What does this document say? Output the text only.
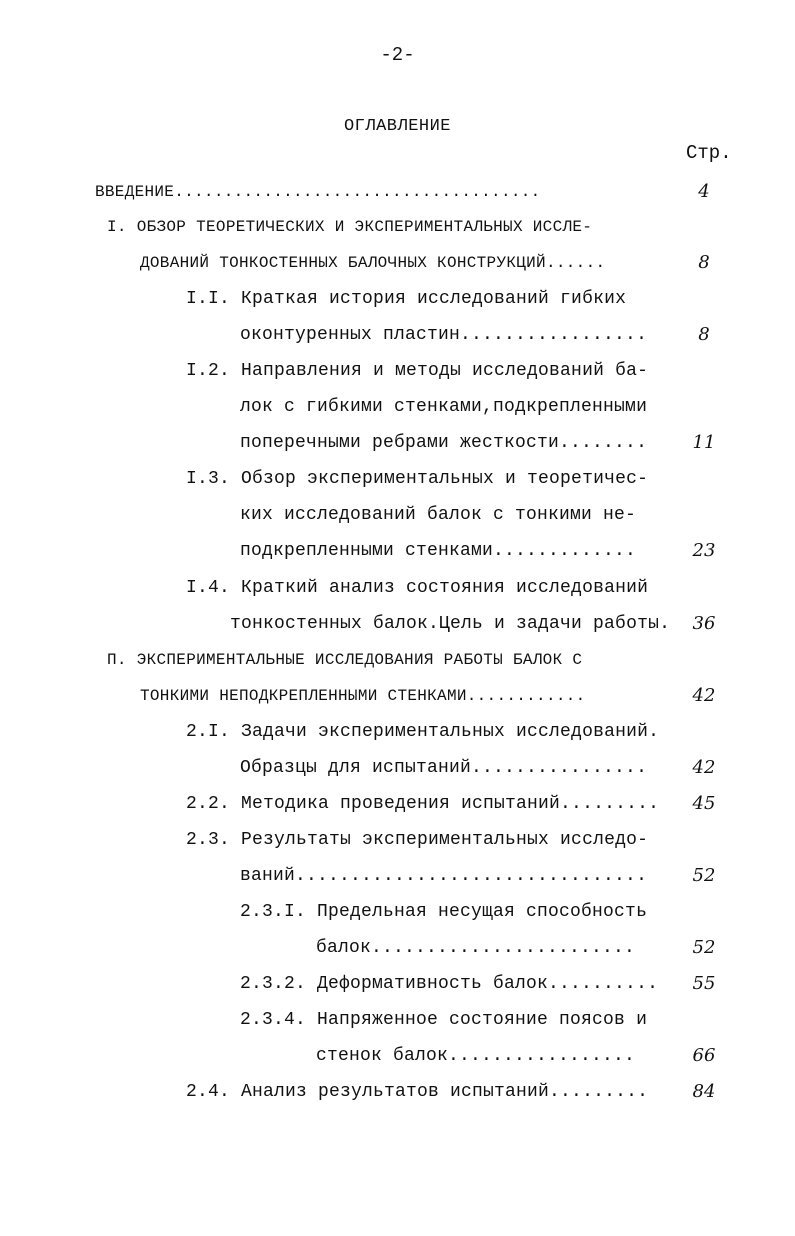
-2-
ОГЛАВЛЕНИЕ
Стр.
ВВЕДЕНИЕ.....................................	4
I. ОБЗОР ТЕОРЕТИЧЕСКИХ И ЭКСПЕРИМЕНТАЛЬНЫХ ИССЛЕ-
ДОВАНИЙ ТОНКОСТЕННЫХ БАЛОЧНЫХ КОНСТРУКЦИЙ......	8
I.I. Краткая история исследований гибких
оконтуренных пластин.................	8
I.2. Направления и методы исследований ба-
лок с гибкими стенками,подкрепленными
поперечными ребрами жесткости........	11
I.3. Обзор экспериментальных и теоретичес-
ких исследований балок с тонкими не-
подкрепленными стенками.............	23
I.4. Краткий анализ состояния исследований
тонкостенных балок.Цель и задачи работы.	36
П. ЭКСПЕРИМЕНТАЛЬНЫЕ ИССЛЕДОВАНИЯ РАБОТЫ БАЛОК С
ТОНКИМИ НЕПОДКРЕПЛЕННЫМИ СТЕНКАМИ............	42
2.I. Задачи экспериментальных исследований.
Образцы для испытаний................	42
2.2. Методика проведения испытаний.........	45
2.3. Результаты экспериментальных исследо-
ваний................................	52
2.3.I. Предельная несущая способность
балок........................	52
2.3.2. Деформативность балок..........	55
2.3.4. Напряженное состояние поясов и
стенок балок.................	66
2.4. Анализ результатов испытаний.........	84
